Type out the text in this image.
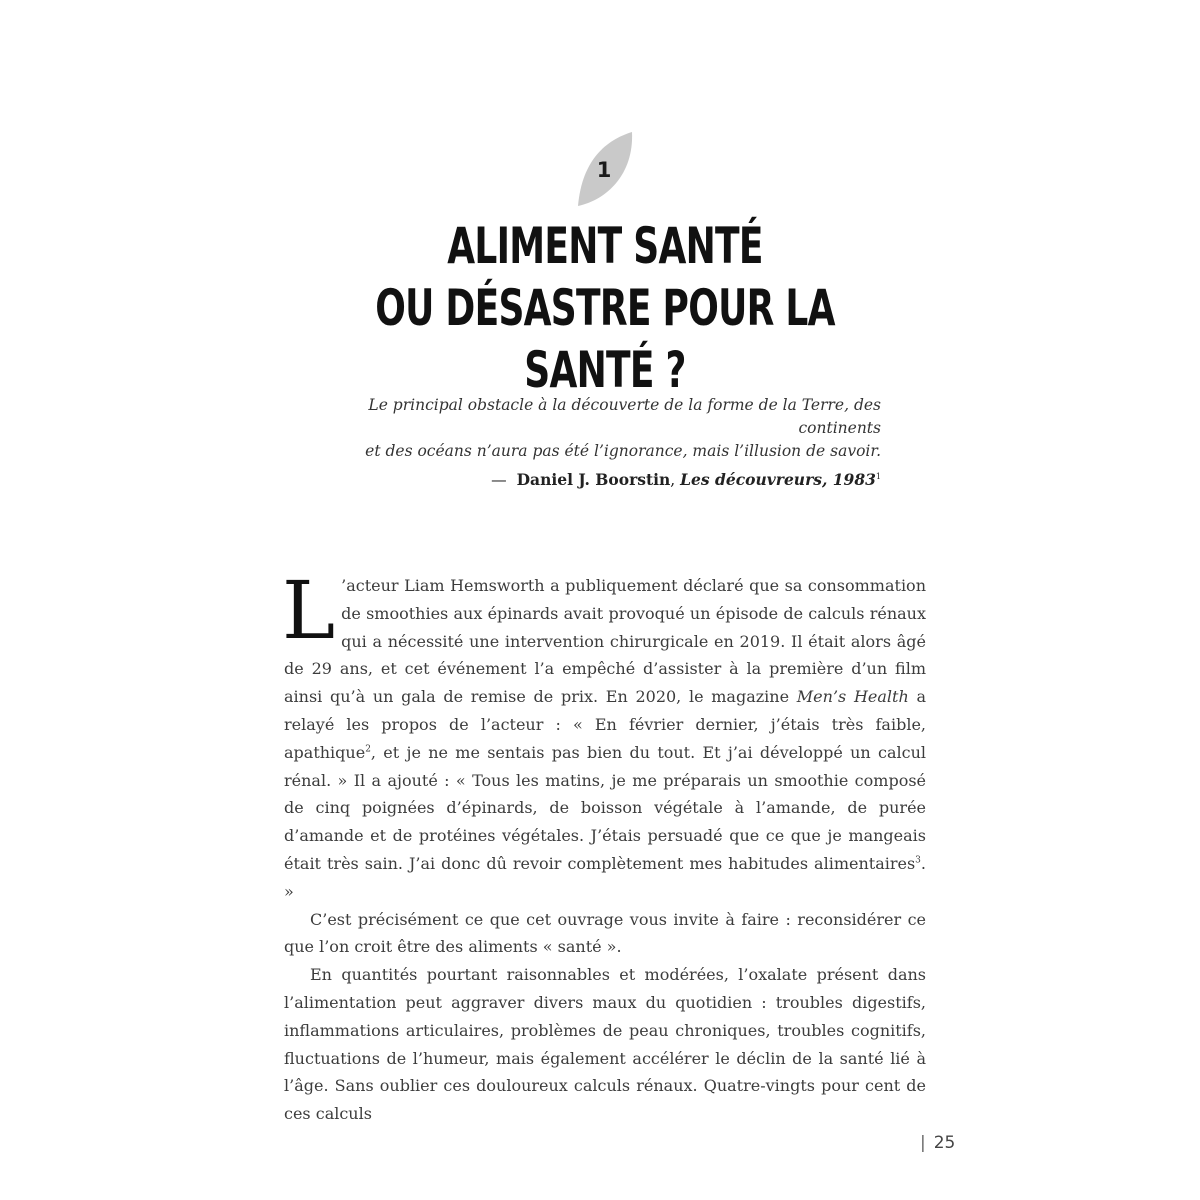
1
ALIMENT SANTÉ
OU DÉSASTRE POUR LA SANTÉ ?
Le principal obstacle à la découverte de la forme de la Terre, des continents
et des océans n’aura pas été l’ignorance, mais l’illusion de savoir.
— Daniel J. Boorstin, Les découvreurs, 1983$^1$

L ’acteur Liam Hemsworth a publiquement déclaré que sa consommation de smoothies aux épinards avait provoqué un épisode de calculs rénaux qui a nécessité une intervention chirurgicale en 2019. Il était alors âgé de 29 ans, et cet événement l’a empêché d’assister à la première d’un film ainsi qu’à un gala de remise de prix. En 2020, le magazine Men’s Health a relayé les propos de l’acteur : « En février dernier, j’étais très faible, apathique$^2$, et je ne me sentais pas bien du tout. Et j’ai développé un calcul rénal. » Il a ajouté : « Tous les matins, je me préparais un smoothie composé de cinq poignées d’épinards, de boisson végétale à l’amande, de purée d’amande et de protéines végétales. J’étais persuadé que ce que je mangeais était très sain. J’ai donc dû revoir complètement mes habitudes alimentaires$^3$. »

C’est précisément ce que cet ouvrage vous invite à faire : reconsidérer ce que l’on croit être des aliments « santé ».

En quantités pourtant raisonnables et modérées, l’oxalate présent dans l’alimentation peut aggraver divers maux du quotidien : troubles digestifs, inflammations articulaires, problèmes de peau chroniques, troubles cognitifs, fluctuations de l’humeur, mais également accélérer le déclin de la santé lié à l’âge. Sans oublier ces douloureux calculs rénaux. Quatre-vingts pour cent de ces calculs

| 25
